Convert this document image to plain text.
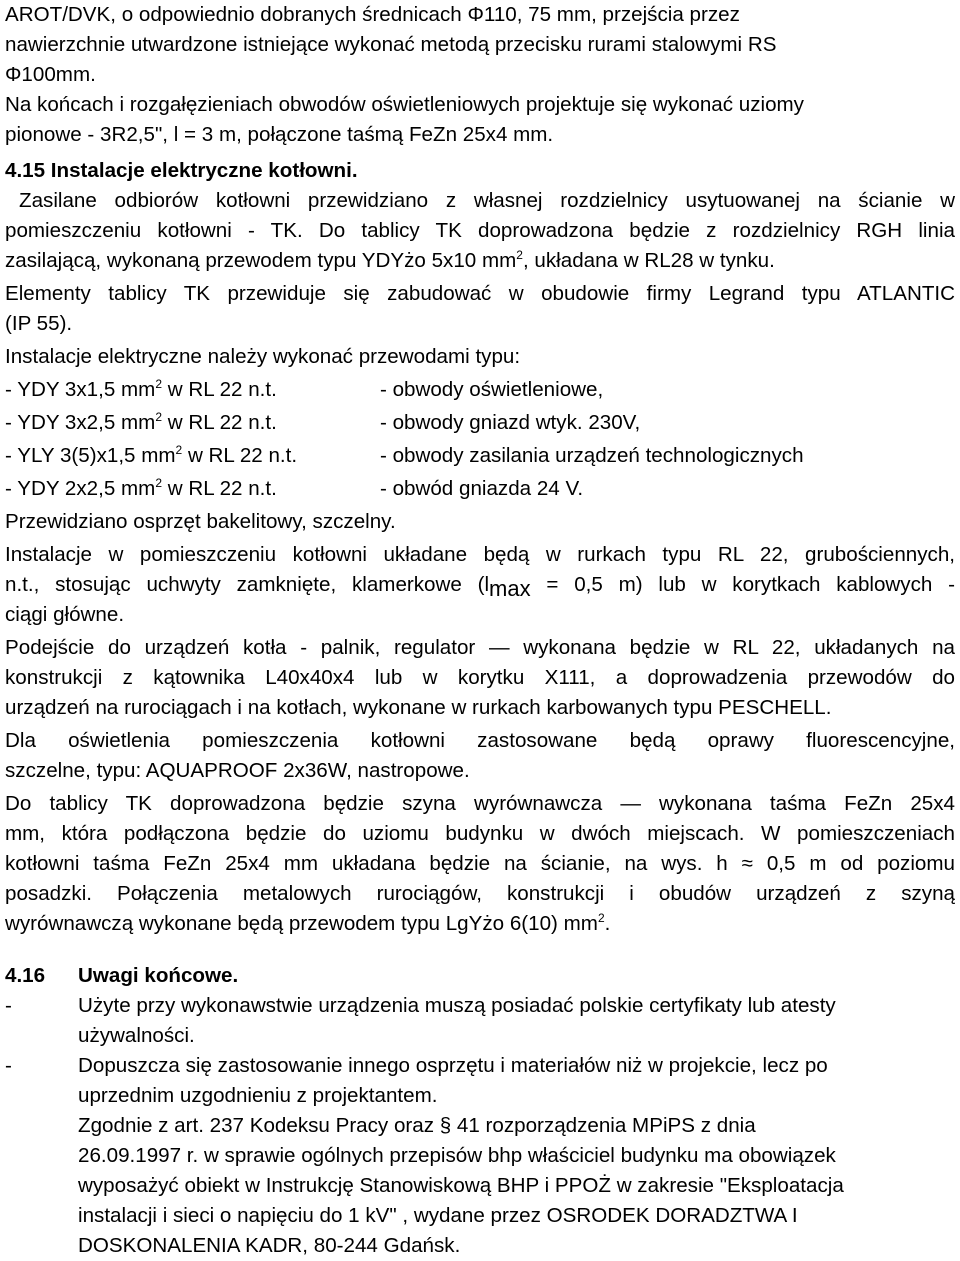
AROT/DVK, o odpowiednio dobranych średnicach Φ110, 75 mm, przejścia przez

nawierzchnie utwardzone istniejące wykonać metodą przecisku rurami stalowymi RS

Φ100mm.

Na końcach i rozgałęzieniach obwodów oświetleniowych projektuje się wykonać uziomy

pionowe - 3R2,5", l = 3 m, połączone taśmą FeZn 25x4 mm.

4.15 Instalacje elektryczne kotłowni.

Zasilane odbiorów kotłowni przewidziano z własnej rozdzielnicy usytuowanej na ścianie w

pomieszczeniu kotłowni - TK. Do tablicy TK doprowadzona będzie z rozdzielnicy RGH linia

zasilającą, wykonaną przewodem typu YDYżo 5x10 $mm^2$, układana w RL28 w tynku.

Elementy tablicy TK przewiduje się zabudować w obudowie firmy Legrand typu ATLANTIC

(IP 55).

Instalacje elektryczne należy wykonać przewodami typu:

- YDY 3x1,5 $mm^2$ w RL 22 n.t.	- obwody oświetleniowe,
- YDY 3x2,5 $mm^2$ w RL 22 n.t.	- obwody gniazd wtyk. 230V,
- YLY 3(5)x1,5 $mm^2$ w RL 22 n.t.	- obwody zasilania urządzeń technologicznych
- YDY 2x2,5 $mm^2$ w RL 22 n.t.	- obwód gniazda 24 V.

Przewidziano osprzęt bakelitowy, szczelny.

Instalacje w pomieszczeniu kotłowni układane będą w rurkach typu RL 22, grubościennych,

n.t., stosując uchwyty zamknięte, klamerkowe (lmax = 0,5 m) lub w korytkach kablowych -

ciągi główne.

Podejście do urządzeń kotła - palnik, regulator ― wykonana będzie w RL 22, układanych na

konstrukcji z kątownika L40x40x4 lub w korytku X111, a doprowadzenia przewodów do

urządzeń na rurociągach i na kotłach, wykonane w rurkach karbowanych typu PESCHELL.

Dla oświetlenia pomieszczenia kotłowni zastosowane będą oprawy fluorescencyjne,

szczelne, typu: AQUAPROOF 2x36W, nastropowe.

Do tablicy TK doprowadzona będzie szyna wyrównawcza ― wykonana taśma FeZn 25x4

mm, która podłączona będzie do uziomu budynku w dwóch miejscach. W pomieszczeniach

kotłowni taśma FeZn 25x4 mm układana będzie na ścianie, na wys. h ≈ 0,5 m od poziomu

posadzki. Połączenia metalowych rurociągów, konstrukcji i obudów urządzeń z szyną

wyrównawczą wykonane będą przewodem typu LgYżo 6(10) $mm^2$.

4.16 Uwagi końcowe.

-	Użyte przy wykonawstwie urządzenia muszą posiadać polskie certyfikaty lub atesty
używalności.
-	Dopuszcza się zastosowanie innego osprzętu i materiałów niż w projekcie, lecz po
uprzednim uzgodnieniu z projektantem.
Zgodnie z art. 237 Kodeksu Pracy oraz § 41 rozporządzenia MPiPS z dnia
26.09.1997 r. w sprawie ogólnych przepisów bhp właściciel budynku ma obowiązek
wyposażyć obiekt w Instrukcję Stanowiskową BHP i PPOŻ w zakresie "Eksploatacja
instalacji i sieci o napięciu do 1 kV" , wydane przez OSRODEK DORADZTWA I
DOSKONALENIA KADR, 80-244 Gdańsk.
